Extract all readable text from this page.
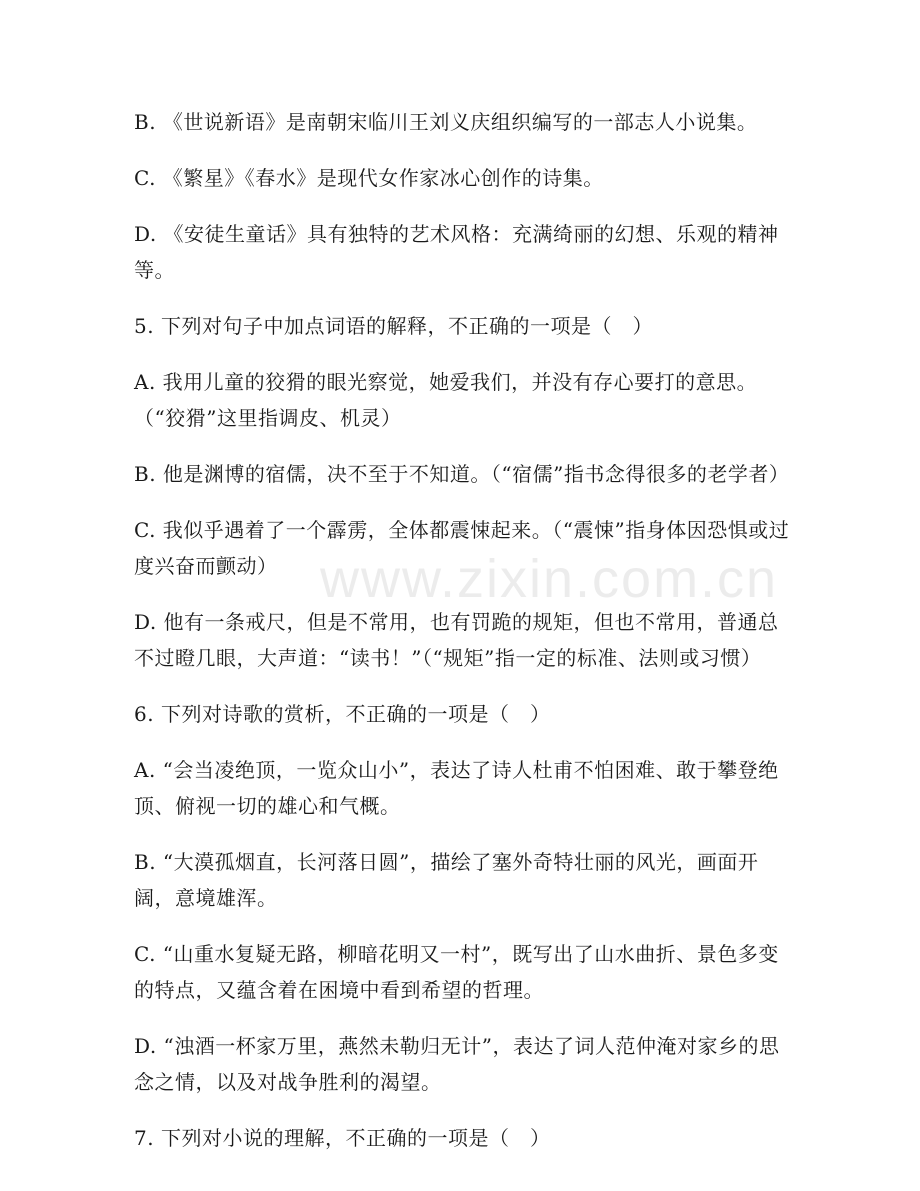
B. 《世说新语》是南朝宋临川王刘义庆组织编写的一部志人小说集。

C. 《繁星》《春水》是现代女作家冰心创作的诗集。

D. 《安徒生童话》具有独特的艺术风格：充满绮丽的幻想、乐观的精神等。

5. 下列对句子中加点词语的解释，不正确的一项是（　）

A. 我用儿童的狡猾的眼光察觉，她爱我们，并没有存心要打的意思。（“狡猾”这里指调皮、机灵）

B. 他是渊博的宿儒，决不至于不知道。（“宿儒”指书念得很多的老学者）

C. 我似乎遇着了一个霹雳，全体都震悚起来。（“震悚”指身体因恐惧或过度兴奋而颤动）

D. 他有一条戒尺，但是不常用，也有罚跪的规矩，但也不常用，普通总不过瞪几眼，大声道：“读书！”（“规矩”指一定的标准、法则或习惯）

6. 下列对诗歌的赏析，不正确的一项是（　）

A. “会当凌绝顶，一览众山小”，表达了诗人杜甫不怕困难、敢于攀登绝顶、俯视一切的雄心和气概。

B. “大漠孤烟直，长河落日圆”，描绘了塞外奇特壮丽的风光，画面开阔，意境雄浑。

C. “山重水复疑无路，柳暗花明又一村”，既写出了山水曲折、景色多变的特点，又蕴含着在困境中看到希望的哲理。

D. “浊酒一杯家万里，燕然未勒归无计”，表达了词人范仲淹对家乡的思念之情，以及对战争胜利的渴望。

7. 下列对小说的理解，不正确的一项是（　）

www.zixin.com.cn
